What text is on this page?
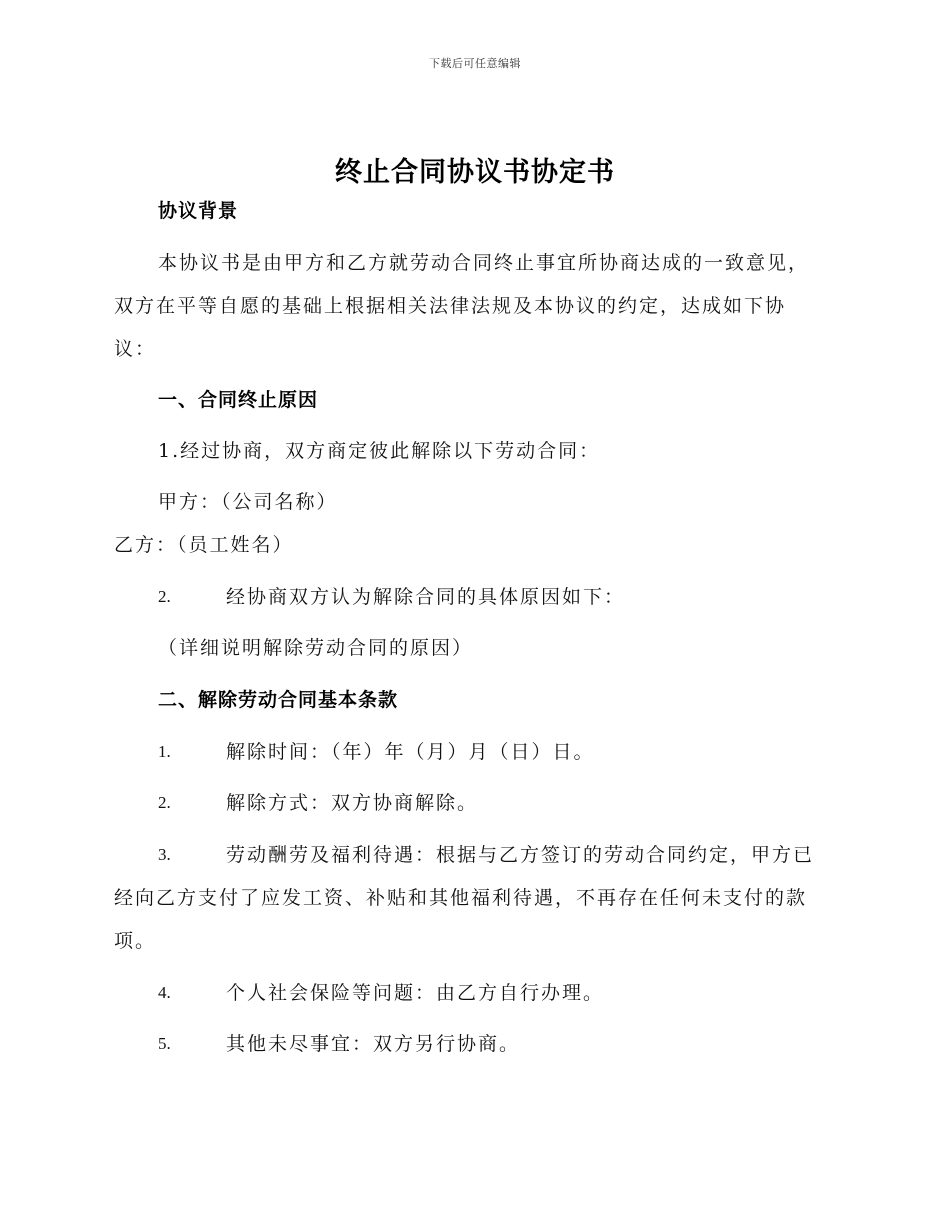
下载后可任意编辑
终止合同协议书协定书
协议背景
本协议书是由甲方和乙方就劳动合同终止事宜所协商达成的一致意见，
双方在平等自愿的基础上根据相关法律法规及本协议的约定，达成如下协
议：
一、合同终止原因
1.经过协商，双方商定彼此解除以下劳动合同：
甲方：（公司名称）
乙方：（员工姓名）
2.	经协商双方认为解除合同的具体原因如下：
（详细说明解除劳动合同的原因）
二、解除劳动合同基本条款
1.	解除时间：（年）年（月）月（日）日。
2.	解除方式：双方协商解除。
3.	劳动酬劳及福利待遇：根据与乙方签订的劳动合同约定，甲方已
经向乙方支付了应发工资、补贴和其他福利待遇，不再存在任何未支付的款
项。
4.	个人社会保险等问题：由乙方自行办理。
5.	其他未尽事宜：双方另行协商。
